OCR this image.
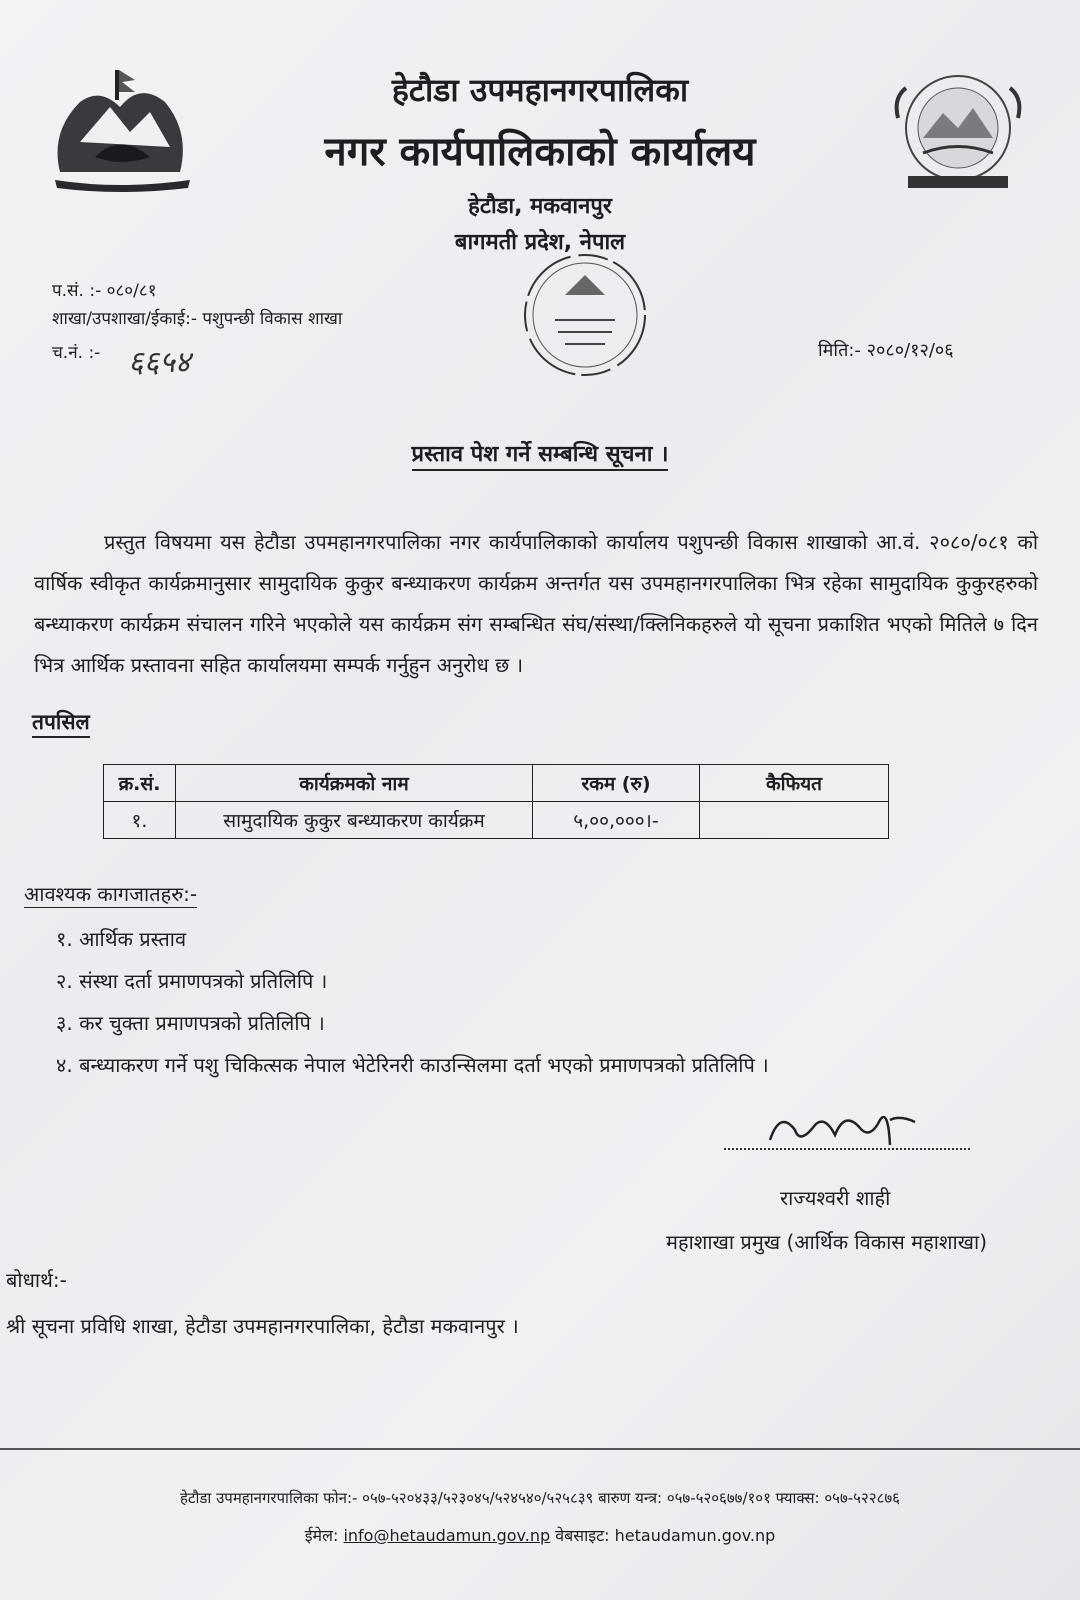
हेटौडा उपमहानगरपालिका
नगर कार्यपालिकाको कार्यालय
हेटौडा, मकवानपुर
बागमती प्रदेश, नेपाल
प.सं. :- ०८०/८१
शाखा/उपशाखा/ईकाई:- पशुपन्छी विकास शाखा
च.नं. :- ६६५४	मिति:- २०८०/१२/०६
प्रस्ताव पेश गर्ने सम्बन्धि सूचना ।
प्रस्तुत विषयमा यस हेटौडा उपमहानगरपालिका नगर कार्यपालिकाको कार्यालय पशुपन्छी विकास शाखाको आ.वं. २०८०/०८१ को वार्षिक स्वीकृत कार्यक्रमानुसार सामुदायिक कुकुर बन्ध्याकरण कार्यक्रम अन्तर्गत यस उपमहानगरपालिका भित्र रहेका सामुदायिक कुकुरहरुको बन्ध्याकरण कार्यक्रम संचालन गरिने भएकोले यस कार्यक्रम संग सम्बन्धित संघ/संस्था/क्लिनिकहरुले यो सूचना प्रकाशित भएको मितिले ७ दिन भित्र आर्थिक प्रस्तावना सहित कार्यालयमा सम्पर्क गर्नुहुन अनुरोध छ ।
तपसिल
क्र.सं.	कार्यक्रमको नाम	रकम (रु)	कैफियत
१.	सामुदायिक कुकुर बन्ध्याकरण कार्यक्रम	५,००,०००।-	
आवश्यक कागजातहरु:-
१. आर्थिक प्रस्ताव
२. संस्था दर्ता प्रमाणपत्रको प्रतिलिपि ।
३. कर चुक्ता प्रमाणपत्रको प्रतिलिपि ।
४. बन्ध्याकरण गर्ने पशु चिकित्सक नेपाल भेटेरिनरी काउन्सिलमा दर्ता भएको प्रमाणपत्रको प्रतिलिपि ।
राज्यश्वरी शाही
महाशाखा प्रमुख (आर्थिक विकास महाशाखा)
बोधार्थ:-
श्री सूचना प्रविधि शाखा, हेटौडा उपमहानगरपालिका, हेटौडा मकवानपुर ।
हेटौडा उपमहानगरपालिका फोन:- ०५७-५२०४३३/५२३०४५/५२४५४०/५२५८३९ बारुण यन्त्र: ०५७-५२०६७७/१०१ फ्याक्स: ०५७-५२२८७६
ईमेल: info@hetaudamun.gov.np वेबसाइट: hetaudamun.gov.np
